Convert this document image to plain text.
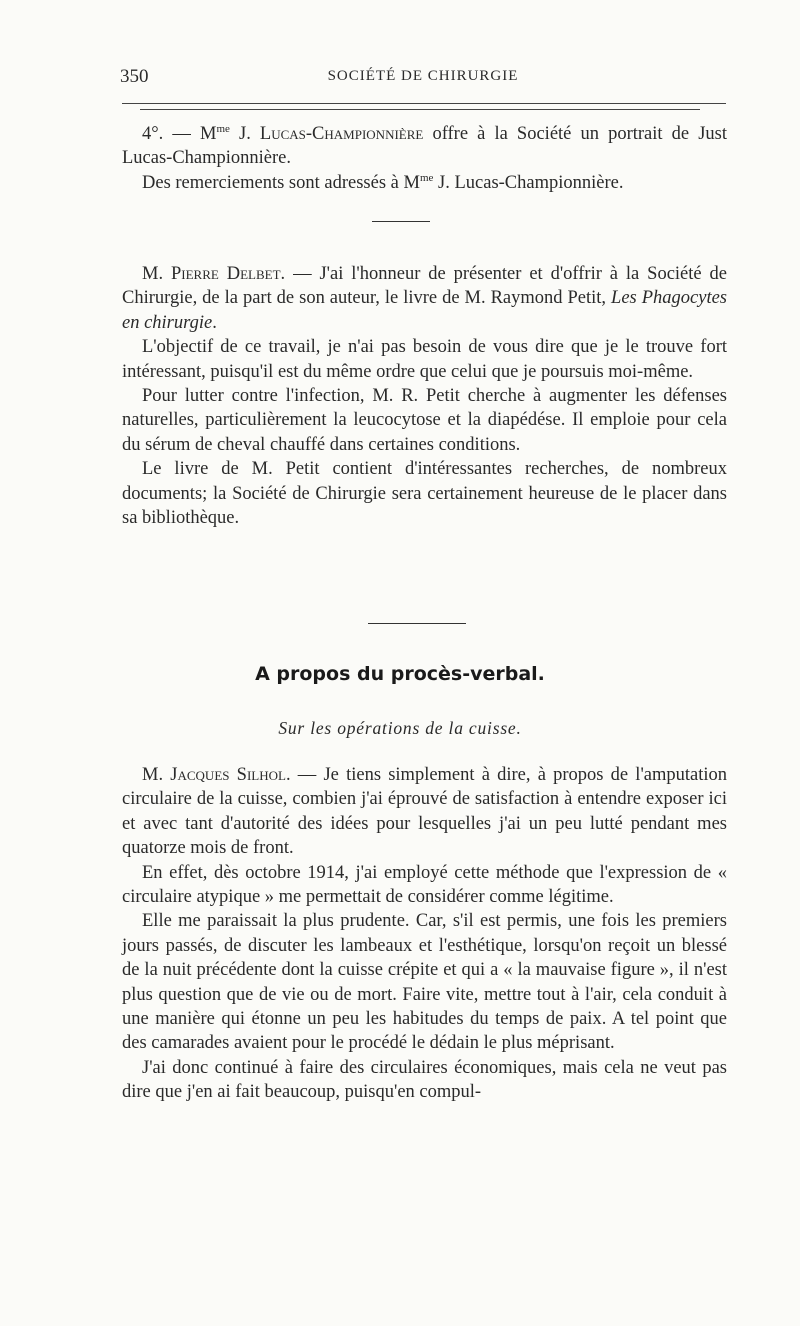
350	SOCIÉTÉ DE CHIRURGIE

4°. — $M^{me}$ J. Lucas-Championnière offre à la Société un portrait de Just Lucas-Championnière.

Des remerciements sont adressés à $M^{me}$ J. Lucas-Championnière.

M. Pierre Delbet. — J'ai l'honneur de présenter et d'offrir à la Société de Chirurgie, de la part de son auteur, le livre de M. Raymond Petit, Les Phagocytes en chirurgie.

L'objectif de ce travail, je n'ai pas besoin de vous dire que je le trouve fort intéressant, puisqu'il est du même ordre que celui que je poursuis moi-même.

Pour lutter contre l'infection, M. R. Petit cherche à augmenter les défenses naturelles, particulièrement la leucocytose et la diapédése. Il emploie pour cela du sérum de cheval chauffé dans certaines conditions.

Le livre de M. Petit contient d'intéressantes recherches, de nombreux documents; la Société de Chirurgie sera certainement heureuse de le placer dans sa bibliothèque.

A propos du procès-verbal.
Sur les opérations de la cuisse.

M. Jacques Silhol. — Je tiens simplement à dire, à propos de l'amputation circulaire de la cuisse, combien j'ai éprouvé de satisfaction à entendre exposer ici et avec tant d'autorité des idées pour lesquelles j'ai un peu lutté pendant mes quatorze mois de front.

En effet, dès octobre 1914, j'ai employé cette méthode que l'expression de « circulaire atypique » me permettait de considérer comme légitime.

Elle me paraissait la plus prudente. Car, s'il est permis, une fois les premiers jours passés, de discuter les lambeaux et l'esthétique, lorsqu'on reçoit un blessé de la nuit précédente dont la cuisse crépite et qui a « la mauvaise figure », il n'est plus question que de vie ou de mort. Faire vite, mettre tout à l'air, cela conduit à une manière qui étonne un peu les habitudes du temps de paix. A tel point que des camarades avaient pour le procédé le dédain le plus méprisant.

J'ai donc continué à faire des circulaires économiques, mais cela ne veut pas dire que j'en ai fait beaucoup, puisqu'en compul-
